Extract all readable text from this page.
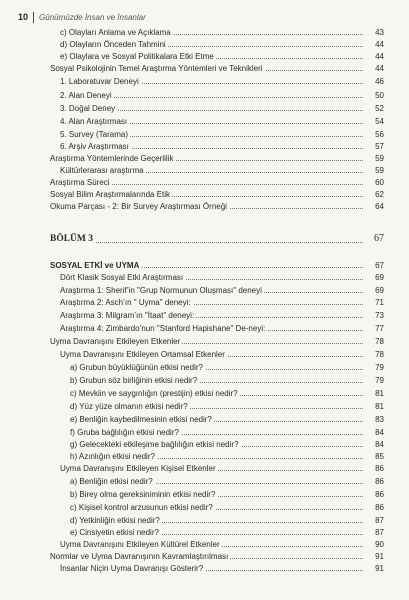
10	Günümüzde İnsan ve İnsanlar
c) Olayları Anlama ve Açıklama	43
d) Olayların Önceden Tahmini	44
e) Olaylara ve Sosyal Politikalara Etki Etme	44
Sosyal Psikolojinin Temel Araştırma Yöntemleri ve Teknikleri	44
1. Laboratuvar Deneyi	46
2. Alan Deneyi	50
3. Doğal Deney	52
4. Alan Araştırması	54
5. Survey (Tarama)	56
6. Arşiv Araştırması	57
Araştırma Yöntemlerinde Geçerlilik	59
Kültürlerarası araştırma	59
Araştırma Süreci	60
Sosyal Bilim Araştırmalarında Etik	62
Okuma Parçası - 2: Bir Survey Araştırması Örneği	64
BÖLÜM 3	67
SOSYAL ETKİ ve UYMA	67
Dört Klasik Sosyal Etki Araştırması	69
Araştırma 1: Sherif’in "Grup Normunun Oluşması" deneyi	69
Araştırma 2: Asch’ın " Uyma" deneyi:	71
Araştırma 3: Milgram’ın "İtaat" deneyi:	73
Araştırma 4: Zimbardo’nun "Stanford Hapishane" De-neyi:	77
Uyma Davranışını Etkileyen Etkenler	78
Uyma Davranışını Etkileyen Ortamsal Etkenler	78
a) Grubun büyüklüğünün etkisi nedir?	79
b) Grubun söz birliğinin etkisi nedir?	79
c) Mevkiin ve saygınlığın (prestijin) etkisi nedir?	81
d) Yüz yüze olmanın etkisi nedir?	81
e) Benliğin kaybedilmesinin etkisi nedir?	83
f) Gruba bağlılığın etkisi nedir?	84
g) Gelecekteki etkileşime bağlılığın etkisi nedir?	84
h) Azınlığın etkisi nedir?	85
Uyma Davranışını Etkileyen Kişisel Etkenler	86
a) Benliğin etkisi nedir?	86
b) Birey olma gereksiniminin etkisi nedir?	86
c) Kişisel kontrol arzusunun etkisi nedir?	86
d) Yetkinliğin etkisi nedir?	87
e) Cinsiyetin etkisi nedir?	87
Uyma Davranışını Etkileyen Kültürel Etkenler	90
Normlar ve Uyma Davranışının Kavramlaştırılması	91
İnsanlar Niçin Uyma Davranışı Gösterir?	91
